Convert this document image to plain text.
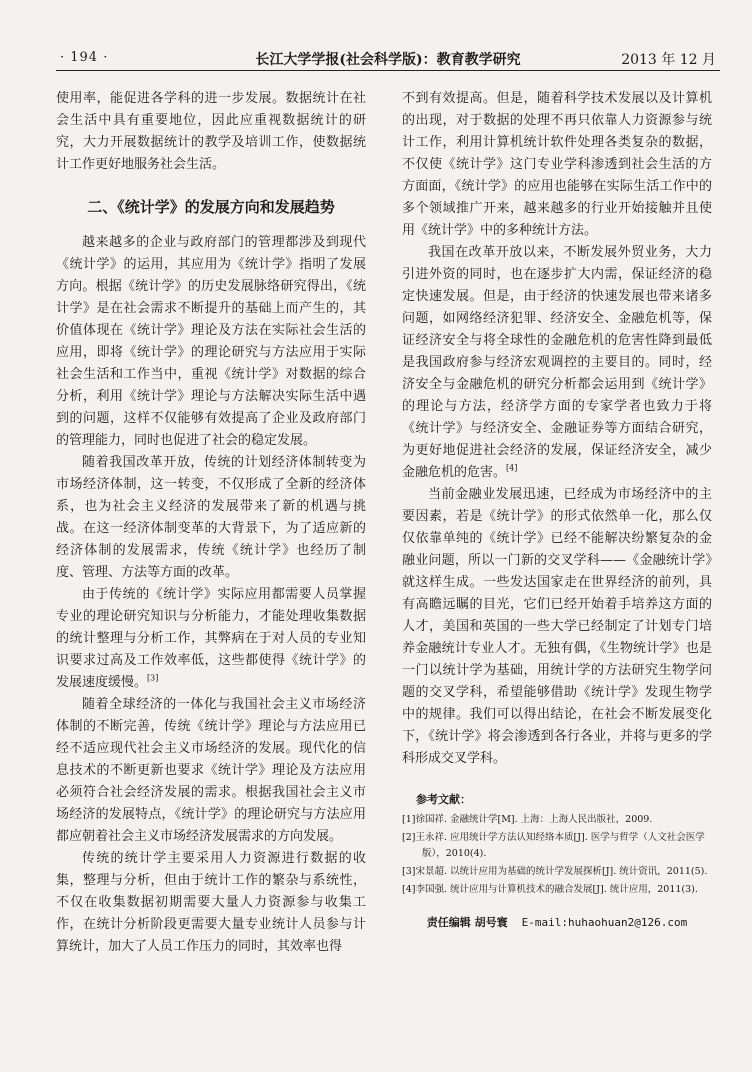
· 194 ·	长江大学学报(社会科学版)：教育教学研究	2013 年 12 月

使用率，能促进各学科的进一步发展。数据统计在社会生活中具有重要地位，因此应重视数据统计的研究，大力开展数据统计的教学及培训工作，使数据统计工作更好地服务社会生活。

二、《统计学》的发展方向和发展趋势

越来越多的企业与政府部门的管理都涉及到现代《统计学》的运用，其应用为《统计学》指明了发展方向。根据《统计学》的历史发展脉络研究得出，《统计学》是在社会需求不断提升的基础上而产生的，其价值体现在《统计学》理论及方法在实际社会生活的应用，即将《统计学》的理论研究与方法应用于实际社会生活和工作当中，重视《统计学》对数据的综合分析，利用《统计学》理论与方法解决实际生活中遇到的问题，这样不仅能够有效提高了企业及政府部门的管理能力，同时也促进了社会的稳定发展。

随着我国改革开放，传统的计划经济体制转变为市场经济体制，这一转变，不仅形成了全新的经济体系，也为社会主义经济的发展带来了新的机遇与挑战。在这一经济体制变革的大背景下，为了适应新的经济体制的发展需求，传统《统计学》也经历了制度、管理、方法等方面的改革。

由于传统的《统计学》实际应用都需要人员掌握专业的理论研究知识与分析能力，才能处理收集数据的统计整理与分析工作，其弊病在于对人员的专业知识要求过高及工作效率低，这些都使得《统计学》的发展速度缓慢。[3]

随着全球经济的一体化与我国社会主义市场经济体制的不断完善，传统《统计学》理论与方法应用已经不适应现代社会主义市场经济的发展。现代化的信息技术的不断更新也要求《统计学》理论及方法应用必须符合社会经济发展的需求。根据我国社会主义市场经济的发展特点，《统计学》的理论研究与方法应用都应朝着社会主义市场经济发展需求的方向发展。

传统的统计学主要采用人力资源进行数据的收集，整理与分析，但由于统计工作的繁杂与系统性，不仅在收集数据初期需要大量人力资源参与收集工作，在统计分析阶段更需要大量专业统计人员参与计算统计，加大了人员工作压力的同时，其效率也得

不到有效提高。但是，随着科学技术发展以及计算机的出现，对于数据的处理不再只依靠人力资源参与统计工作，利用计算机统计软件处理各类复杂的数据，不仅使《统计学》这门专业学科渗透到社会生活的方方面面，《统计学》的应用也能够在实际生活工作中的多个领域推广开来，越来越多的行业开始接触并且使用《统计学》中的多种统计方法。

我国在改革开放以来，不断发展外贸业务，大力引进外资的同时，也在逐步扩大内需，保证经济的稳定快速发展。但是，由于经济的快速发展也带来诸多问题，如网络经济犯罪、经济安全、金融危机等，保证经济安全与将全球性的金融危机的危害性降到最低是我国政府参与经济宏观调控的主要目的。同时，经济安全与金融危机的研究分析都会运用到《统计学》的理论与方法，经济学方面的专家学者也致力于将《统计学》与经济安全、金融证券等方面结合研究，为更好地促进社会经济的发展，保证经济安全，减少金融危机的危害。[4]

当前金融业发展迅速，已经成为市场经济中的主要因素，若是《统计学》的形式依然单一化，那么仅仅依靠单纯的《统计学》已经不能解决纷繁复杂的金融业问题，所以一门新的交叉学科——《金融统计学》就这样生成。一些发达国家走在世界经济的前列，具有高瞻远瞩的目光，它们已经开始着手培养这方面的人才，美国和英国的一些大学已经制定了计划专门培养金融统计专业人才。无独有偶，《生物统计学》也是一门以统计学为基础，用统计学的方法研究生物学问题的交叉学科，希望能够借助《统计学》发现生物学中的规律。我们可以得出结论，在社会不断发展变化下，《统计学》将会渗透到各行各业，并将与更多的学科形成交叉学科。

参考文献：
[1]徐国祥. 金融统计学[M]. 上海：上海人民出版社，2009.
[2]王永祥. 应用统计学方法认知经络本质[J]. 医学与哲学（人文社会医学版），2010(4).
[3]宋景超. 以统计应用为基础的统计学发展探析[J]. 统计资讯，2011(5).
[4]李国强. 统计应用与计算机技术的融合发展[J]. 统计应用，2011(3).
责任编辑 胡号寰 E-mail:huhaohuan2@126.com
